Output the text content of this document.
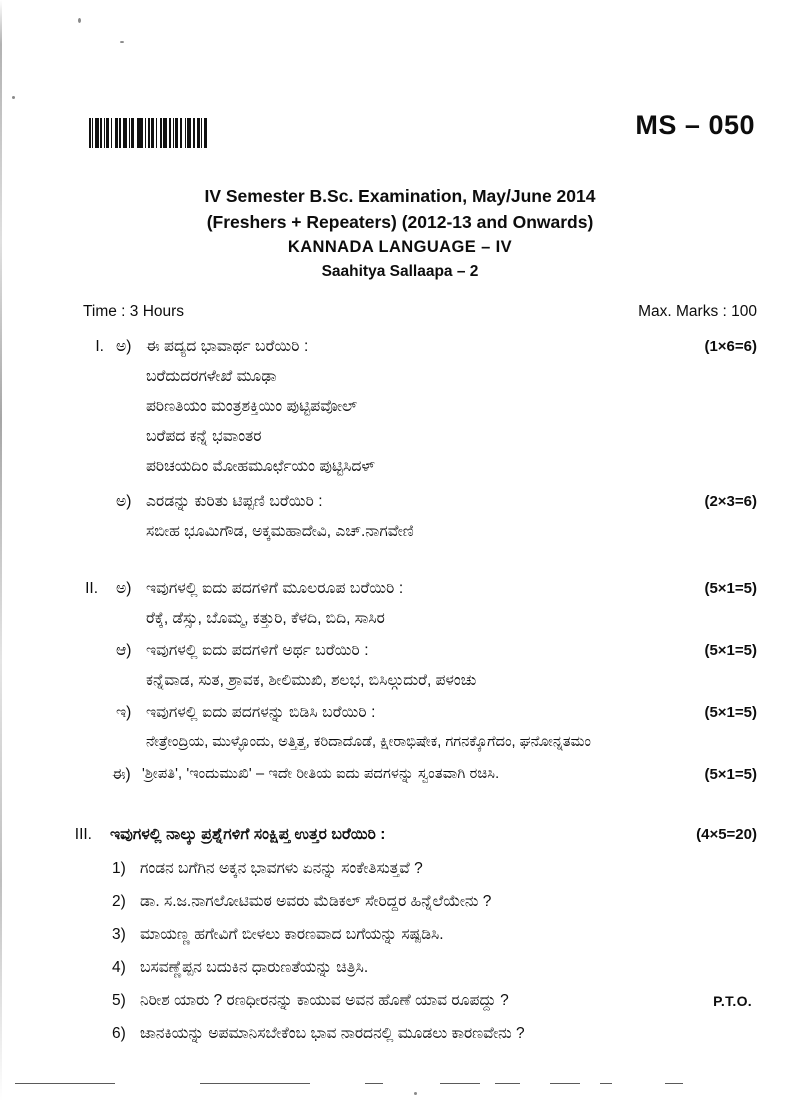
MS – 050
IV Semester B.Sc. Examination, May/June 2014
(Freshers + Repeaters) (2012-13 and Onwards)
KANNADA LANGUAGE – IV
Saahitya Sallaapa – 2
Time : 3 Hours	Max. Marks : 100
I. ಅ) ಈ ಪದ್ಯದ ಭಾವಾರ್ಥ ಬರೆಯಿರಿ :	(1×6=6)
ಬರೆದುದರಗಳೇಖೆ ಮೂಢಾ
ಪರಿಣತಿಯಂ ಮಂತ್ರಶಕ್ತಿಯಿಂ ಪುಟ್ಟಿಪವೋಲ್
ಬರೆಪದ ಕನ್ನೆ ಭವಾಂತರ
ಪರಿಚಯದಿಂ ಮೋಹಮೂರ್ಛೆಯಂ ಪುಟ್ಟಿಸಿದಳ್
ಅ) ಎರಡನ್ನು ಕುರಿತು ಟಿಪ್ಪಣಿ ಬರೆಯಿರಿ :	(2×3=6)
ಸಬೀಹ ಭೂಮಿಗೌಡ, ಅಕ್ಕಮಹಾದೇವಿ, ಎಚ್.ನಾಗವೇಣಿ
II. ಅ) ಇವುಗಳಲ್ಲಿ ಐದು ಪದಗಳಿಗೆ ಮೂಲರೂಪ ಬರೆಯಿರಿ :	(5×1=5)
ರೆಕ್ಕೆ, ಡೆಸ್ಸು, ಬೊಮ್ಮ, ಕತ್ತುರಿ, ಕೆಳದಿ, ಬಿದಿ, ಸಾಸಿರ
ಆ) ಇವುಗಳಲ್ಲಿ ಐದು ಪದಗಳಿಗೆ ಅರ್ಥ ಬರೆಯಿರಿ :	(5×1=5)
ಕನ್ನೆವಾಡ, ಸುತ, ಶ್ರಾವಕ, ಶೀಲಿಮುಖಿ, ಶಲಭ, ಬಿಸಿಲ್ಗುದುರೆ, ಪಳಂಚು
ಇ) ಇವುಗಳಲ್ಲಿ ಐದು ಪದಗಳನ್ನು ಬಿಡಿಸಿ ಬರೆಯಿರಿ :	(5×1=5)
ನೇತ್ರೇಂದ್ರಿಯ, ಮುಳ್ಳೊಂದು, ಅತ್ತಿತ್ತ, ಕರಿದಾದೊಡೆ, ಕ್ಷೀರಾಭಿಷೇಕ, ಗಗನಕ್ಕೊಗೆದಂ, ಘನೋನ್ನತಮಂ
ಈ) 'ಶ್ರೀಪತಿ', 'ಇಂದುಮುಖಿ' – ಇದೇ ರೀತಿಯ ಐದು ಪದಗಳನ್ನು ಸ್ವಂತವಾಗಿ ರಚಿಸಿ.	(5×1=5)
III. ಇವುಗಳಲ್ಲಿ ನಾಲ್ಕು ಪ್ರಶ್ನೆಗಳಿಗೆ ಸಂಕ್ಷಿಪ್ತ ಉತ್ತರ ಬರೆಯಿರಿ :	(4×5=20)
1) ಗಂಡನ ಬಗೆಗಿನ ಅಕ್ಕನ ಭಾವಗಳು ಏನನ್ನು ಸಂಕೇತಿಸುತ್ತವೆ ?
2) ಡಾ. ಸ.ಜ.ನಾಗಲೋಟಿಮಠ ಅವರು ಮೆಡಿಕಲ್ ಸೇರಿದ್ದರ ಹಿನ್ನೆಲೆಯೇನು ?
3) ಮಾಯಣ್ಣ ಹಗೇವಿಗೆ ಬೀಳಲು ಕಾರಣವಾದ ಬಗೆಯನ್ನು ಸಷ್ಪಡಿಸಿ.
4) ಬಸವಣ್ಣೆಪ್ಪನ ಬದುಕಿನ ಧಾರುಣತೆಯನ್ನು ಚಿತ್ರಿಸಿ.
5) ನಿರೀಶ ಯಾರು ? ರಣಧೀರನನ್ನು ಕಾಯುವ ಅವನ ಹೊಣೆ ಯಾವ ರೂಪದ್ದು ?
6) ಜಾನಕಿಯನ್ನು ಅಪಮಾನಿಸಬೇಕೆಂಬ ಭಾವ ನಾರದನಲ್ಲಿ ಮೂಡಲು ಕಾರಣವೇನು ?
P.T.O.
